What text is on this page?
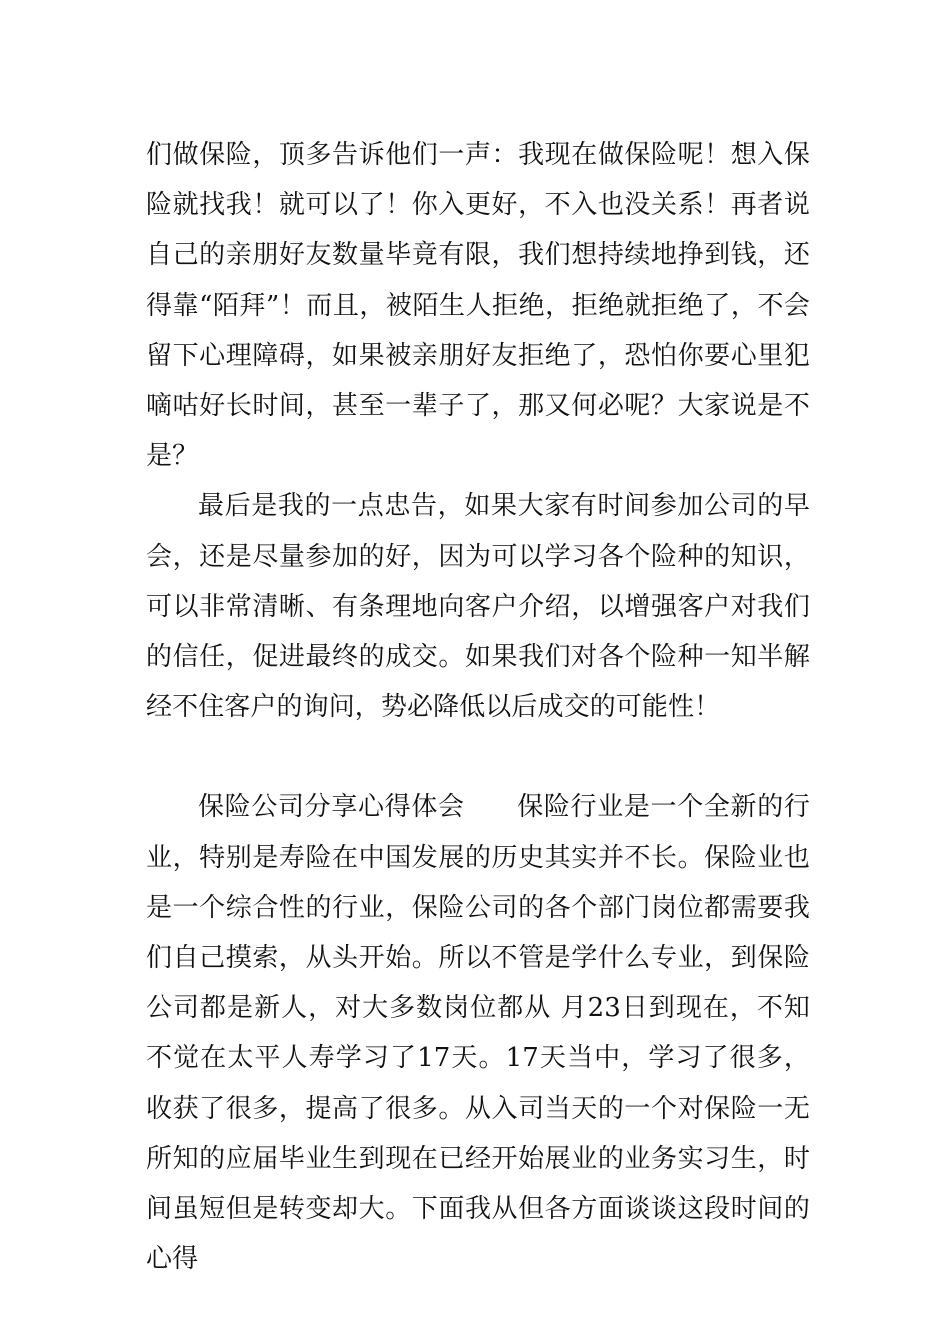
们做保险，顶多告诉他们一声：我现在做保险呢！想入保险就找我！就可以了！你入更好，不入也没关系！再者说自己的亲朋好友数量毕竟有限，我们想持续地挣到钱，还得靠“陌拜”！而且，被陌生人拒绝，拒绝就拒绝了，不会留下心理障碍，如果被亲朋好友拒绝了，恐怕你要心里犯嘀咕好长时间，甚至一辈子了，那又何必呢？大家说是不是？

最后是我的一点忠告，如果大家有时间参加公司的早会，还是尽量参加的好，因为可以学习各个险种的知识，可以非常清晰、有条理地向客户介绍，以增强客户对我们的信任，促进最终的成交。如果我们对各个险种一知半解经不住客户的询问，势必降低以后成交的可能性！

保险公司分享心得体会 保险行业是一个全新的行业，特别是寿险在中国发展的历史其实并不长。保险业也是一个综合性的行业，保险公司的各个部门岗位都需要我们自己摸索，从头开始。所以不管是学什么专业，到保险公司都是新人，对大多数岗位都从 月23日到现在，不知不觉在太平人寿学习了17天。17天当中，学习了很多，收获了很多，提高了很多。从入司当天的一个对保险一无所知的应届毕业生到现在已经开始展业的业务实习生，时间虽短但是转变却大。下面我从但各方面谈谈这段时间的心得
